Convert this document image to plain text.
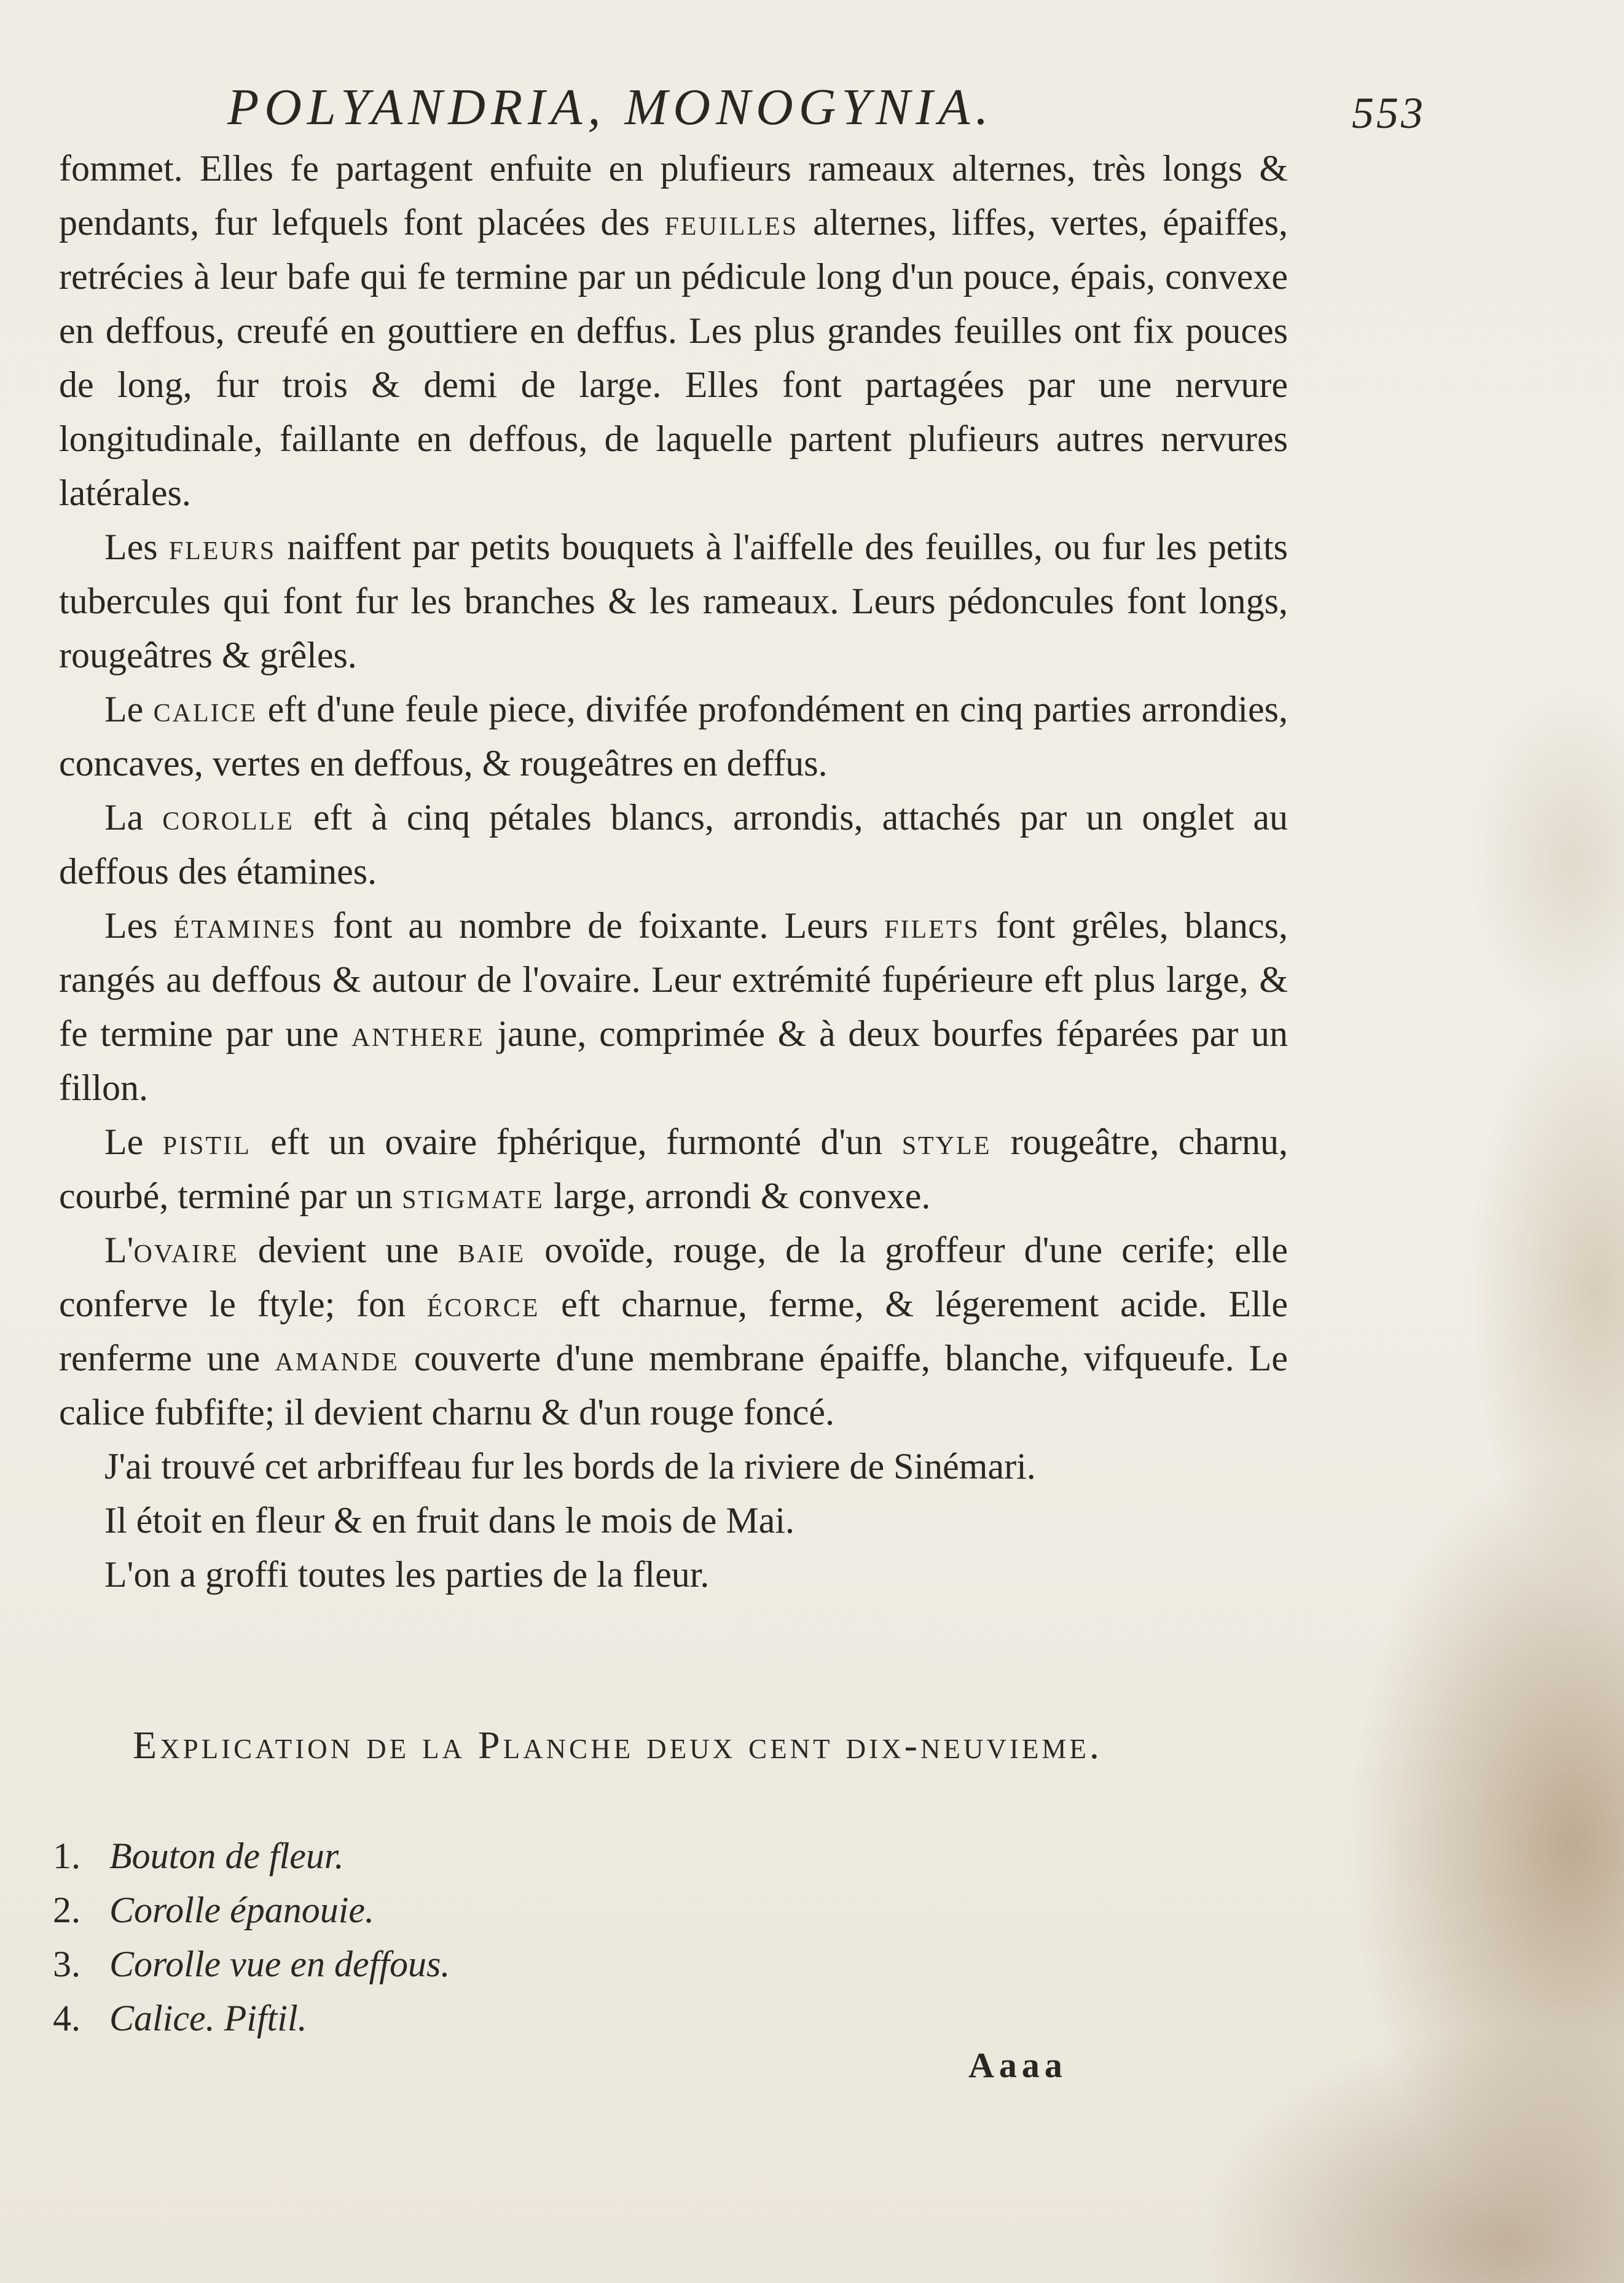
POLYANDRIA, MONOGYNIA.	553

fommet. Elles fe partagent enfuite en plufieurs rameaux alternes, très longs & pendants, fur lefquels font placées des feuilles alternes, liffes, vertes, épaiffes, retrécies à leur bafe qui fe termine par un pédicule long d'un pouce, épais, convexe en deffous, creufé en gouttiere en deffus. Les plus grandes feuilles ont fix pouces de long, fur trois & demi de large. Elles font partagées par une nervure longitudinale, faillante en deffous, de laquelle partent plufieurs autres nervures latérales.

Les fleurs naiffent par petits bouquets à l'aiffelle des feuilles, ou fur les petits tubercules qui font fur les branches & les rameaux. Leurs pédoncules font longs, rougeâtres & grêles.

Le calice eft d'une feule piece, divifée profondément en cinq parties arrondies, concaves, vertes en deffous, & rougeâtres en deffus.

La corolle eft à cinq pétales blancs, arrondis, attachés par un onglet au deffous des étamines.

Les étamines font au nombre de foixante. Leurs filets font grêles, blancs, rangés au deffous & autour de l'ovaire. Leur extrémité fupérieure eft plus large, & fe termine par une anthere jaune, comprimée & à deux bourfes féparées par un fillon.

Le pistil eft un ovaire fphérique, furmonté d'un style rougeâtre, charnu, courbé, terminé par un stigmate large, arrondi & convexe.

L'ovaire devient une baie ovoïde, rouge, de la groffeur d'une cerife; elle conferve le ftyle; fon écorce eft charnue, ferme, & légerement acide. Elle renferme une amande couverte d'une membrane épaiffe, blanche, vifqueufe. Le calice fubfifte; il devient charnu & d'un rouge foncé.

J'ai trouvé cet arbriffeau fur les bords de la riviere de Sinémari.

Il étoit en fleur & en fruit dans le mois de Mai.

L'on a groffi toutes les parties de la fleur.

Explication de la Planche deux cent dix-neuvieme.
1. Bouton de fleur.
2. Corolle épanouie.
3. Corolle vue en deffous.
4. Calice. Piftil.
Aaaa
